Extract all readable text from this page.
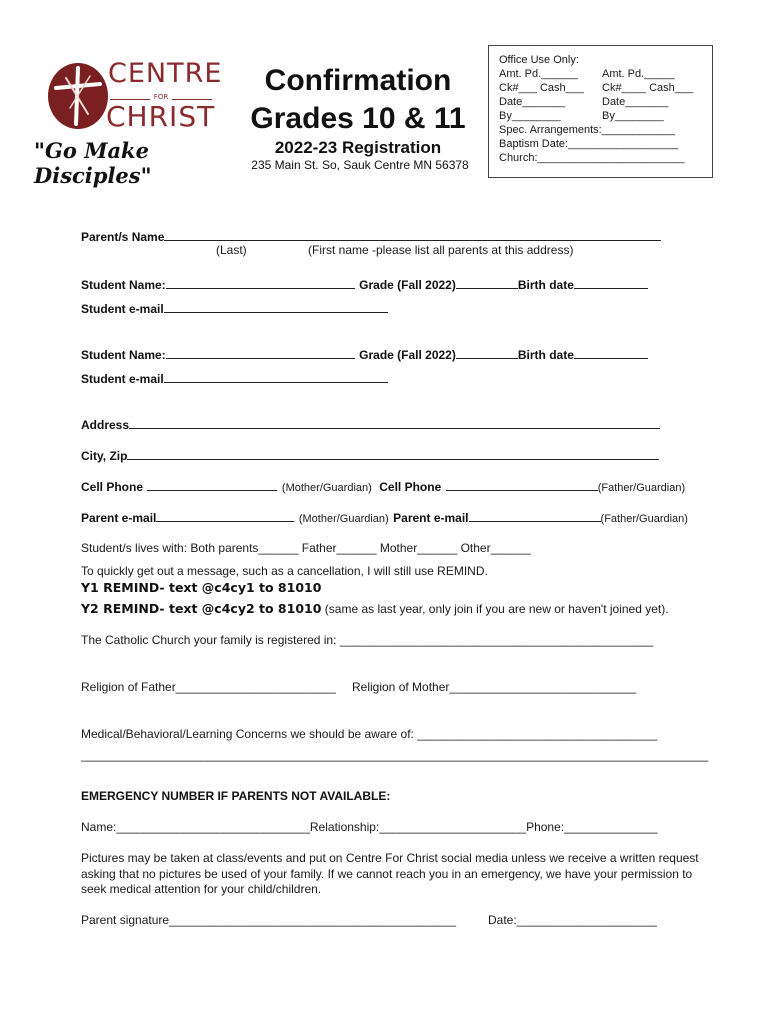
CENTRE
FOR
CHRIST
"Go Make Disciples"
Confirmation
Grades 10 & 11
2022-23 Registration
235 Main St. So, Sauk Centre MN 56378
Office Use Only:
Amt. Pd.______ Amt. Pd._____
Ck#___ Cash___ Ck#____ Cash___
Date_______	Date_______
By________	By________
Spec. Arrangements:____________
Baptism Date:__________________
Church:________________________
Parent/s Name
(Last)	(First name -please list all parents at this address)
Student Name:	Grade (Fall 2022)	Birth date
Student e-mail
Student Name:	Grade (Fall 2022)	Birth date
Student e-mail
Address
City, Zip
Cell Phone	(Mother/Guardian) Cell Phone	(Father/Guardian)
Parent e-mail	(Mother/Guardian) Parent e-mail	(Father/Guardian)
Student/s lives with: Both parents______ Father______ Mother______ Other______
To quickly get out a message, such as a cancellation, I will still use REMIND.
Y1 REMIND- text @c4cy1 to 81010
Y2 REMIND- text @c4cy2 to 81010 (same as last year, only join if you are new or haven't joined yet).
The Catholic Church your family is registered in: _______________________________________________
Religion of Father________________________ Religion of Mother____________________________
Medical/Behavioral/Learning Concerns we should be aware of: ____________________________________
______________________________________________________________________________________________
EMERGENCY NUMBER IF PARENTS NOT AVAILABLE:
Name:_____________________________Relationship:______________________Phone:______________
Pictures may be taken at class/events and put on Centre For Christ social media unless we receive a written request asking that no pictures be used of your family. If we cannot reach you in an emergency, we have your permission to seek medical attention for your child/children.
Parent signature___________________________________________	Date:_____________________
